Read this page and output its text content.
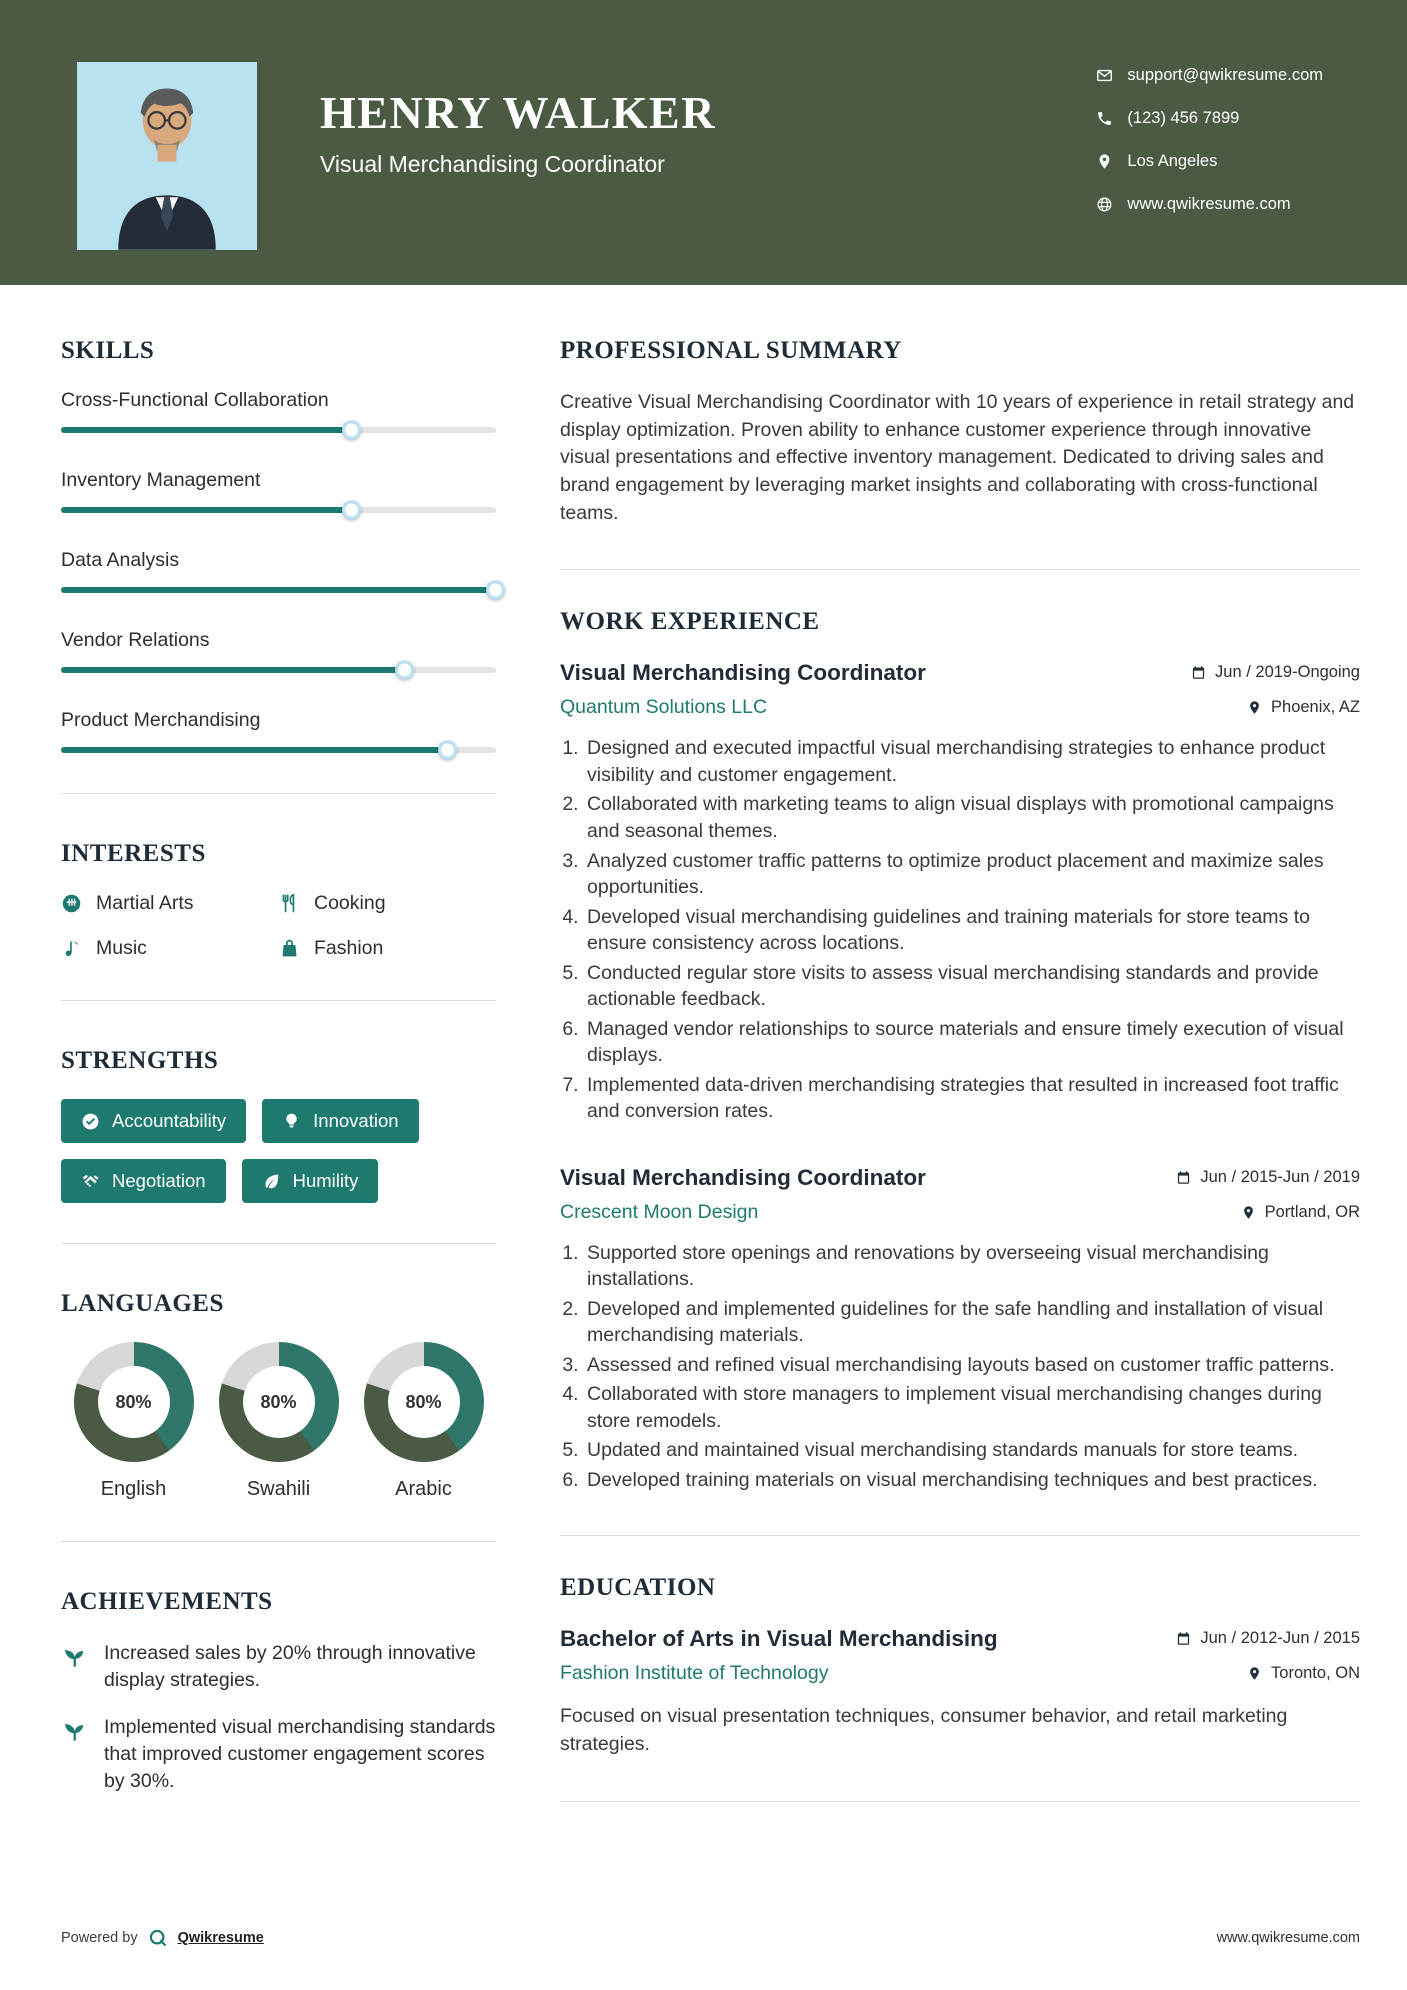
HENRY WALKER
Visual Merchandising Coordinator
support@qwikresume.com
(123) 456 7899
Los Angeles
www.qwikresume.com
SKILLS
Cross-Functional Collaboration
Inventory Management
Data Analysis
Vendor Relations
Product Merchandising
INTERESTS
Martial Arts	Cooking
Music	Fashion
STRENGTHS
Accountability	Innovation
Negotiation	Humility
LANGUAGES
80%
English
80%
Swahili
80%
Arabic
ACHIEVEMENTS
Increased sales by 20% through innovative display strategies.
Implemented visual merchandising standards that improved customer engagement scores by 30%.
PROFESSIONAL SUMMARY

Creative Visual Merchandising Coordinator with 10 years of experience in retail strategy and display optimization. Proven ability to enhance customer experience through innovative visual presentations and effective inventory management. Dedicated to driving sales and brand engagement by leveraging market insights and collaborating with cross-functional teams.

WORK EXPERIENCE
Visual Merchandising Coordinator	Jun / 2019-Ongoing
Quantum Solutions LLC	Phoenix, AZ
1. Designed and executed impactful visual merchandising strategies to enhance product visibility and customer engagement.
2. Collaborated with marketing teams to align visual displays with promotional campaigns and seasonal themes.
3. Analyzed customer traffic patterns to optimize product placement and maximize sales opportunities.
4. Developed visual merchandising guidelines and training materials for store teams to ensure consistency across locations.
5. Conducted regular store visits to assess visual merchandising standards and provide actionable feedback.
6. Managed vendor relationships to source materials and ensure timely execution of visual displays.
7. Implemented data-driven merchandising strategies that resulted in increased foot traffic and conversion rates.
Visual Merchandising Coordinator	Jun / 2015-Jun / 2019
Crescent Moon Design	Portland, OR
1. Supported store openings and renovations by overseeing visual merchandising installations.
2. Developed and implemented guidelines for the safe handling and installation of visual merchandising materials.
3. Assessed and refined visual merchandising layouts based on customer traffic patterns.
4. Collaborated with store managers to implement visual merchandising changes during store remodels.
5. Updated and maintained visual merchandising standards manuals for store teams.
6. Developed training materials on visual merchandising techniques and best practices.
EDUCATION
Bachelor of Arts in Visual Merchandising	Jun / 2012-Jun / 2015
Fashion Institute of Technology	Toronto, ON

Focused on visual presentation techniques, consumer behavior, and retail marketing strategies.

Powered by	Qwikresume	www.qwikresume.com
